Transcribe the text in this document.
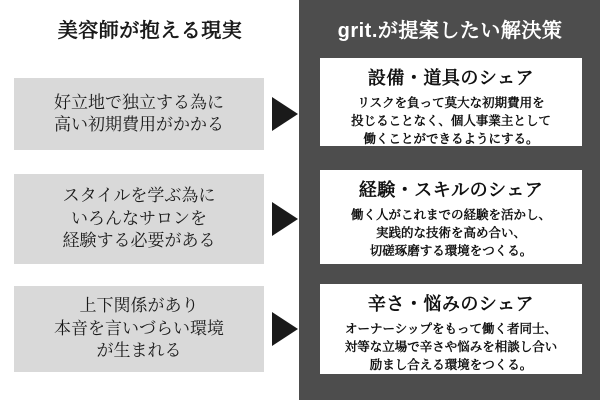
美容師が抱える現実	grit.が提案したい解決策
好立地で独立する為に
高い初期費用がかかる
スタイルを学ぶ為に
いろんなサロンを
経験する必要がある
上下関係があり
本音を言いづらい環境
が生まれる
設備・道具のシェア
リスクを負って莫大な初期費用を
投じることなく、個人事業主として
働くことができるようにする。
経験・スキルのシェア
働く人がこれまでの経験を活かし、
実践的な技術を高め合い、
切磋琢磨する環境をつくる。
辛さ・悩みのシェア
オーナーシップをもって働く者同士、
対等な立場で辛さや悩みを相談し合い
励まし合える環境をつくる。
